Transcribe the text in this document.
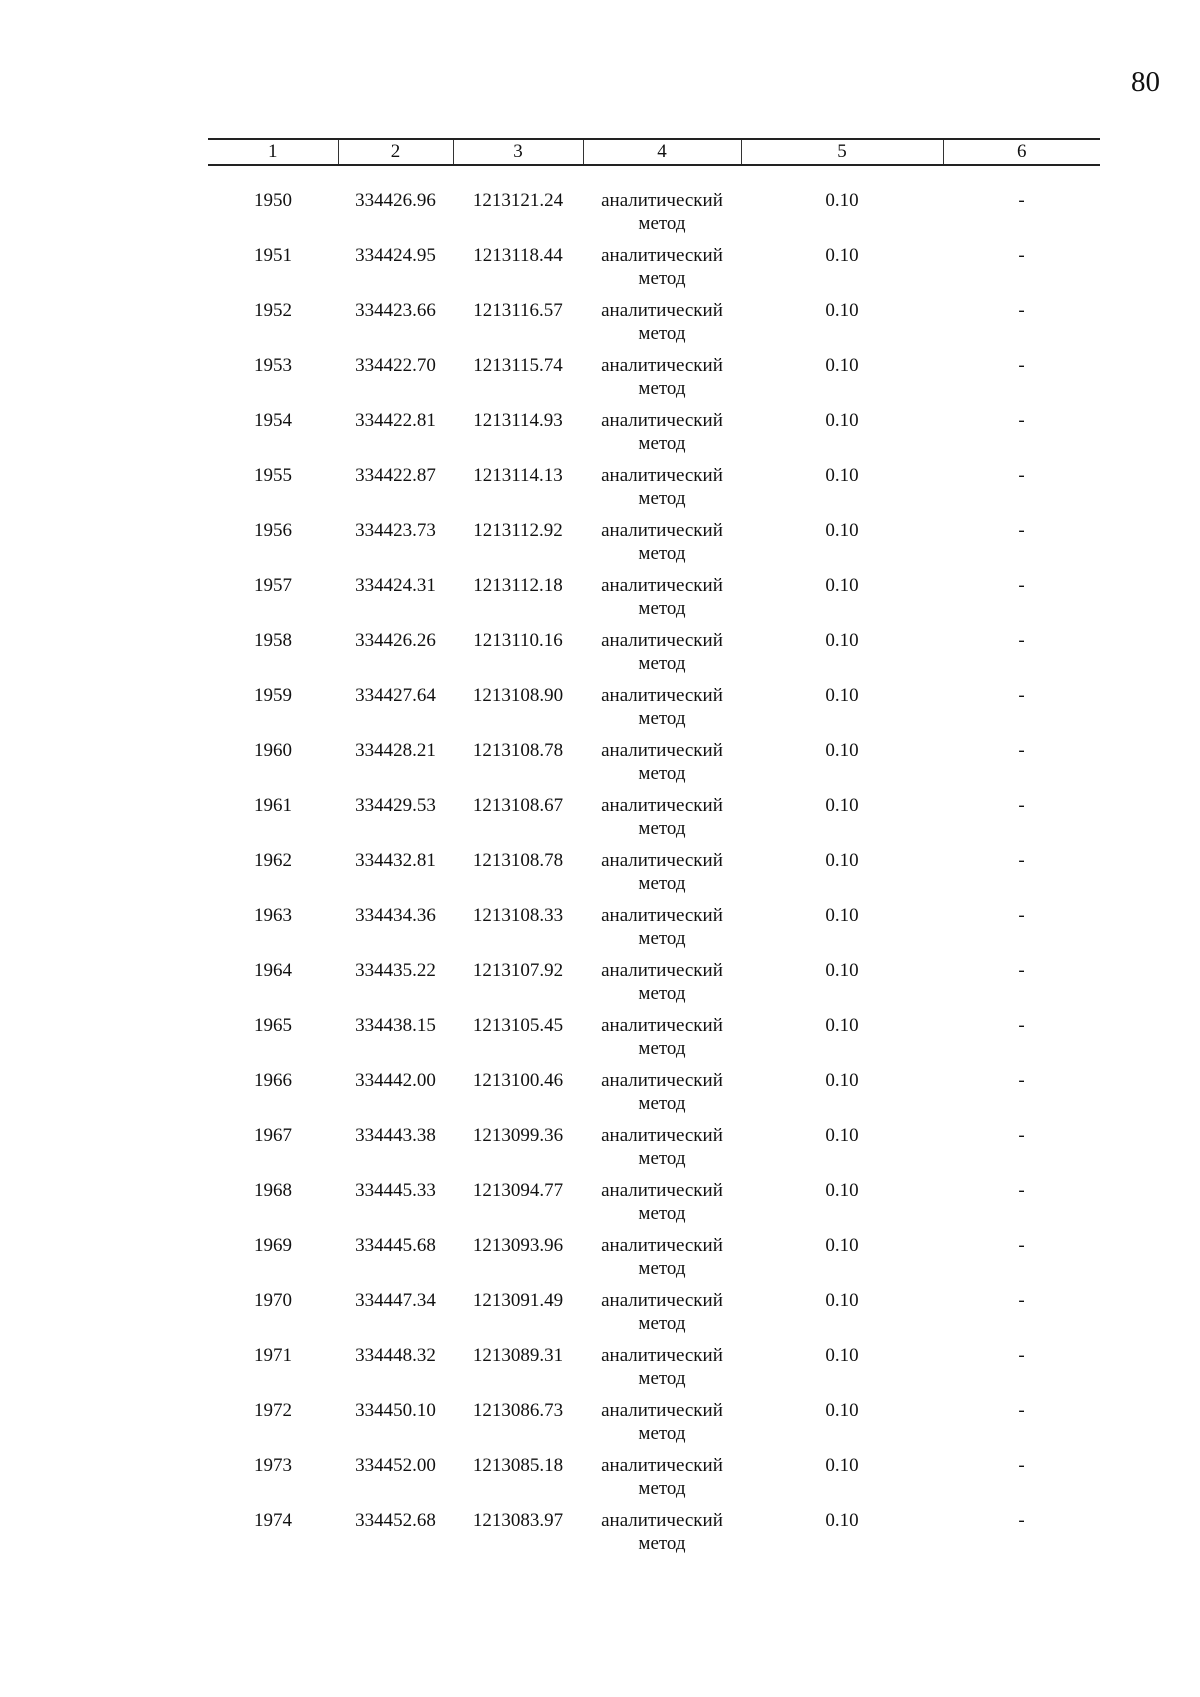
80
1	2	3	4	5	6

1950	334426.96	1213121.24	аналитический метод	0.10	-
1951	334424.95	1213118.44	аналитический метод	0.10	-
1952	334423.66	1213116.57	аналитический метод	0.10	-
1953	334422.70	1213115.74	аналитический метод	0.10	-
1954	334422.81	1213114.93	аналитический метод	0.10	-
1955	334422.87	1213114.13	аналитический метод	0.10	-
1956	334423.73	1213112.92	аналитический метод	0.10	-
1957	334424.31	1213112.18	аналитический метод	0.10	-
1958	334426.26	1213110.16	аналитический метод	0.10	-
1959	334427.64	1213108.90	аналитический метод	0.10	-
1960	334428.21	1213108.78	аналитический метод	0.10	-
1961	334429.53	1213108.67	аналитический метод	0.10	-
1962	334432.81	1213108.78	аналитический метод	0.10	-
1963	334434.36	1213108.33	аналитический метод	0.10	-
1964	334435.22	1213107.92	аналитический метод	0.10	-
1965	334438.15	1213105.45	аналитический метод	0.10	-
1966	334442.00	1213100.46	аналитический метод	0.10	-
1967	334443.38	1213099.36	аналитический метод	0.10	-
1968	334445.33	1213094.77	аналитический метод	0.10	-
1969	334445.68	1213093.96	аналитический метод	0.10	-
1970	334447.34	1213091.49	аналитический метод	0.10	-
1971	334448.32	1213089.31	аналитический метод	0.10	-
1972	334450.10	1213086.73	аналитический метод	0.10	-
1973	334452.00	1213085.18	аналитический метод	0.10	-
1974	334452.68	1213083.97	аналитический метод	0.10	-
